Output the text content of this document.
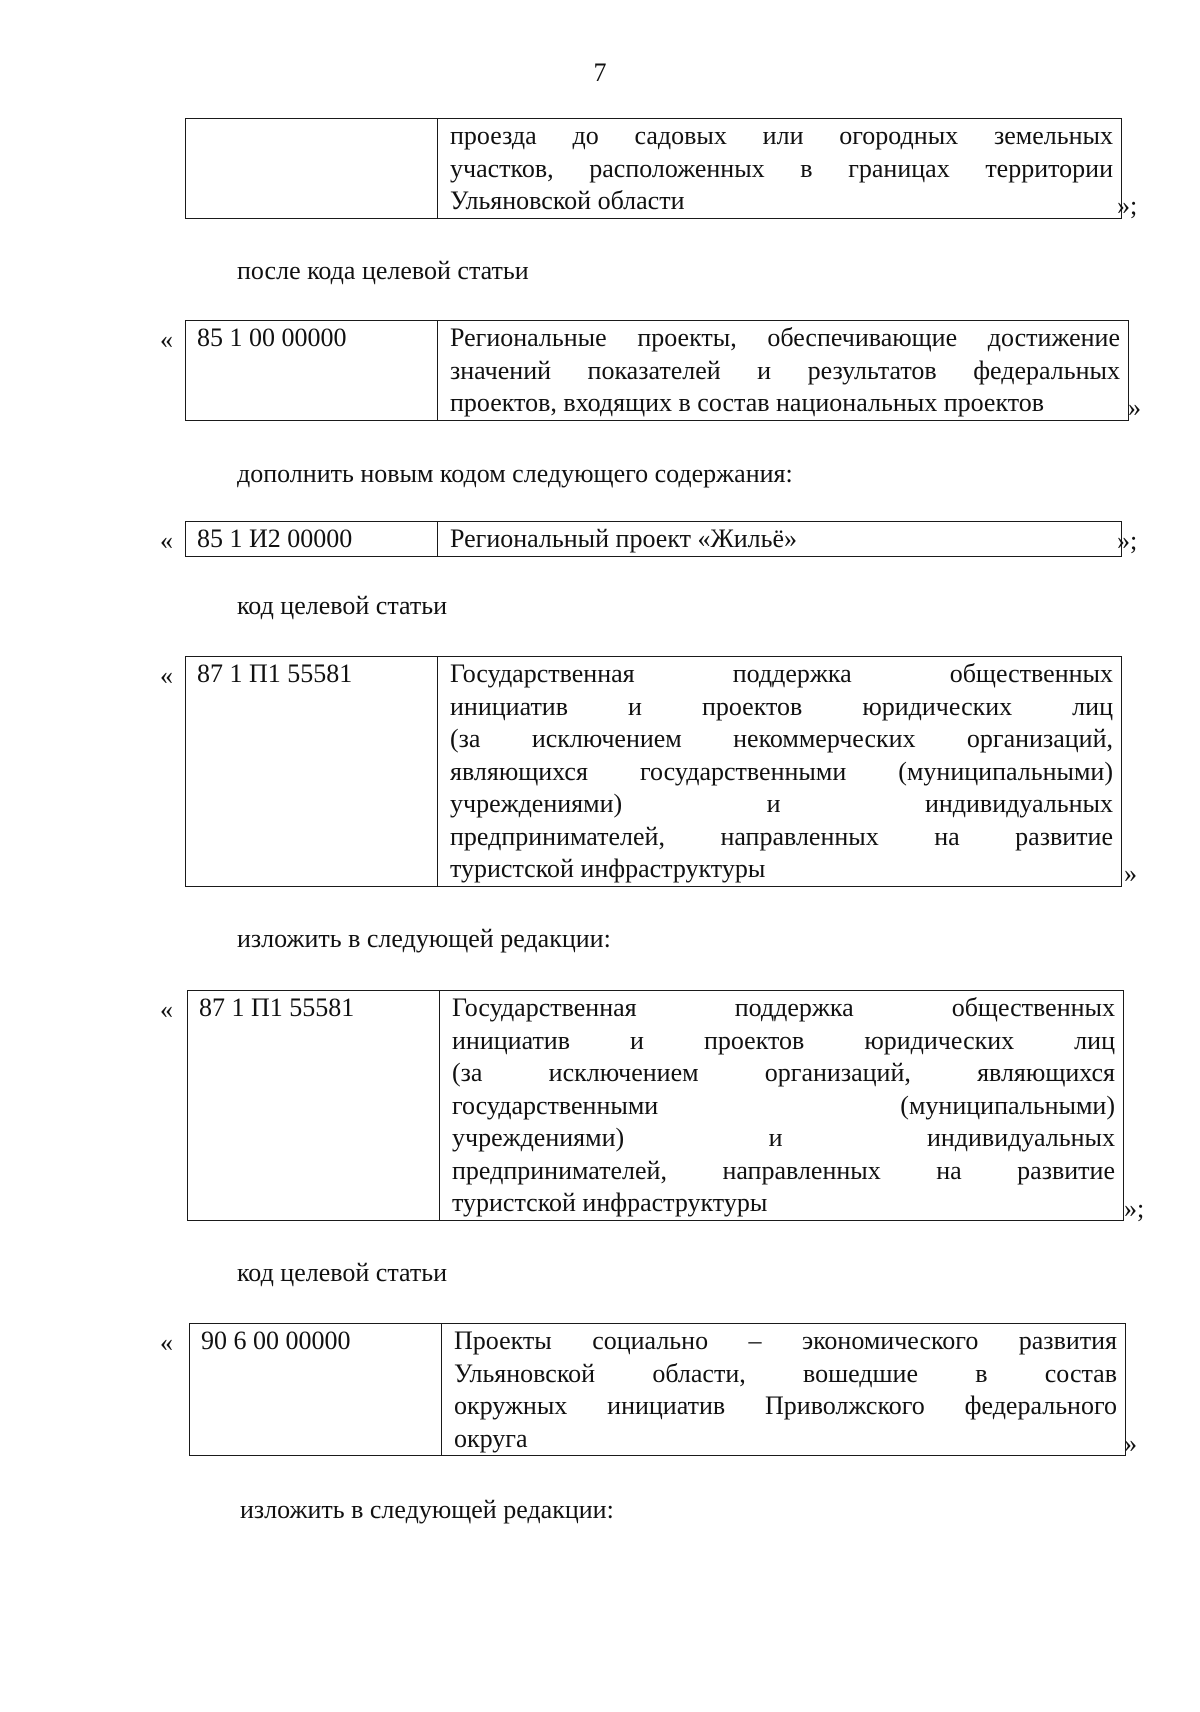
7

проезда до садовых или огородных земельных
участков, расположенных в границах территории
Ульяновской области	»;
после кода целевой статьи
« 85 1 00 00000	Региональные проекты, обеспечивающие достижение
значений показателей и результатов федеральных
проектов, входящих в состав национальных проектов	»
дополнить новым кодом следующего содержания:
« 85 1 И2 00000	Региональный проект «Жильё»	»;
код целевой статьи
« 87 1 П1 55581	Государственная поддержка общественных
инициатив и проектов юридических лиц
(за исключением некоммерческих организаций,
являющихся государственными (муниципальными)
учреждениями) и индивидуальных
предпринимателей, направленных на развитие
туристской инфраструктуры	»
изложить в следующей редакции:
« 87 1 П1 55581	Государственная поддержка общественных
инициатив и проектов юридических лиц
(за исключением организаций, являющихся
государственными (муниципальными)
учреждениями) и индивидуальных
предпринимателей, направленных на развитие
туристской инфраструктуры	»;
код целевой статьи
« 90 6 00 00000	Проекты социально – экономического развития
Ульяновской области, вошедшие в состав
окружных инициатив Приволжского федерального
округа	»
изложить в следующей редакции:
